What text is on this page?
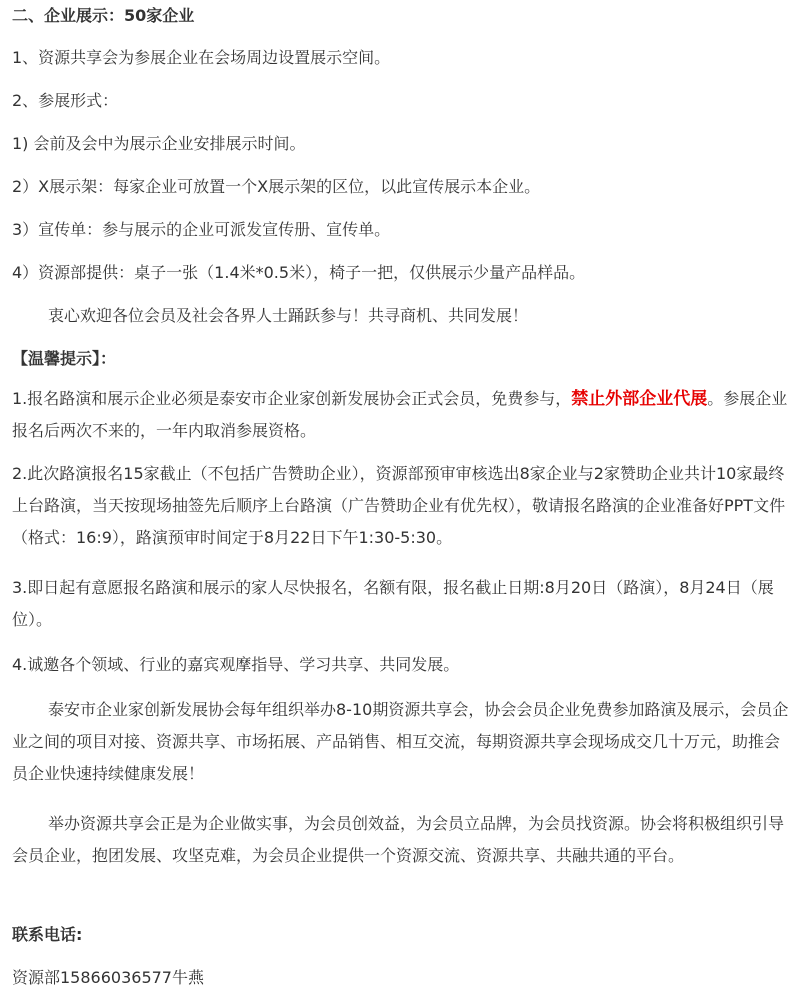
二、企业展示：50家企业

1、资源共享会为参展企业在会场周边设置展示空间。

2、参展形式：

1) 会前及会中为展示企业安排展示时间。

2）X展示架：每家企业可放置一个X展示架的区位，以此宣传展示本企业。

3）宣传单：参与展示的企业可派发宣传册、宣传单。

4）资源部提供：桌子一张（1.4米*0.5米），椅子一把，仅供展示少量产品样品。

衷心欢迎各位会员及社会各界人士踊跃参与！共寻商机、共同发展！

【温馨提示】：

1.报名路演和展示企业必须是泰安市企业家创新发展协会正式会员，免费参与，禁止外部企业代展。参展企业报名后两次不来的，一年内取消参展资格。

2.此次路演报名15家截止（不包括广告赞助企业），资源部预审审核选出8家企业与2家赞助企业共计10家最终上台路演，当天按现场抽签先后顺序上台路演（广告赞助企业有优先权），敬请报名路演的企业准备好PPT文件（格式：16:9），路演预审时间定于8月22日下午1:30-5:30。

3.即日起有意愿报名路演和展示的家人尽快报名，名额有限，报名截止日期:8月20日（路演），8月24日（展位）。

4.诚邀各个领域、行业的嘉宾观摩指导、学习共享、共同发展。

泰安市企业家创新发展协会每年组织举办8-10期资源共享会，协会会员企业免费参加路演及展示，会员企业之间的项目对接、资源共享、市场拓展、产品销售、相互交流，每期资源共享会现场成交几十万元，助推会员企业快速持续健康发展！

举办资源共享会正是为企业做实事，为会员创效益，为会员立品牌，为会员找资源。协会将积极组织引导会员企业，抱团发展、攻坚克难，为会员企业提供一个资源交流、资源共享、共融共通的平台。

联系电话:

资源部15866036577牛燕
